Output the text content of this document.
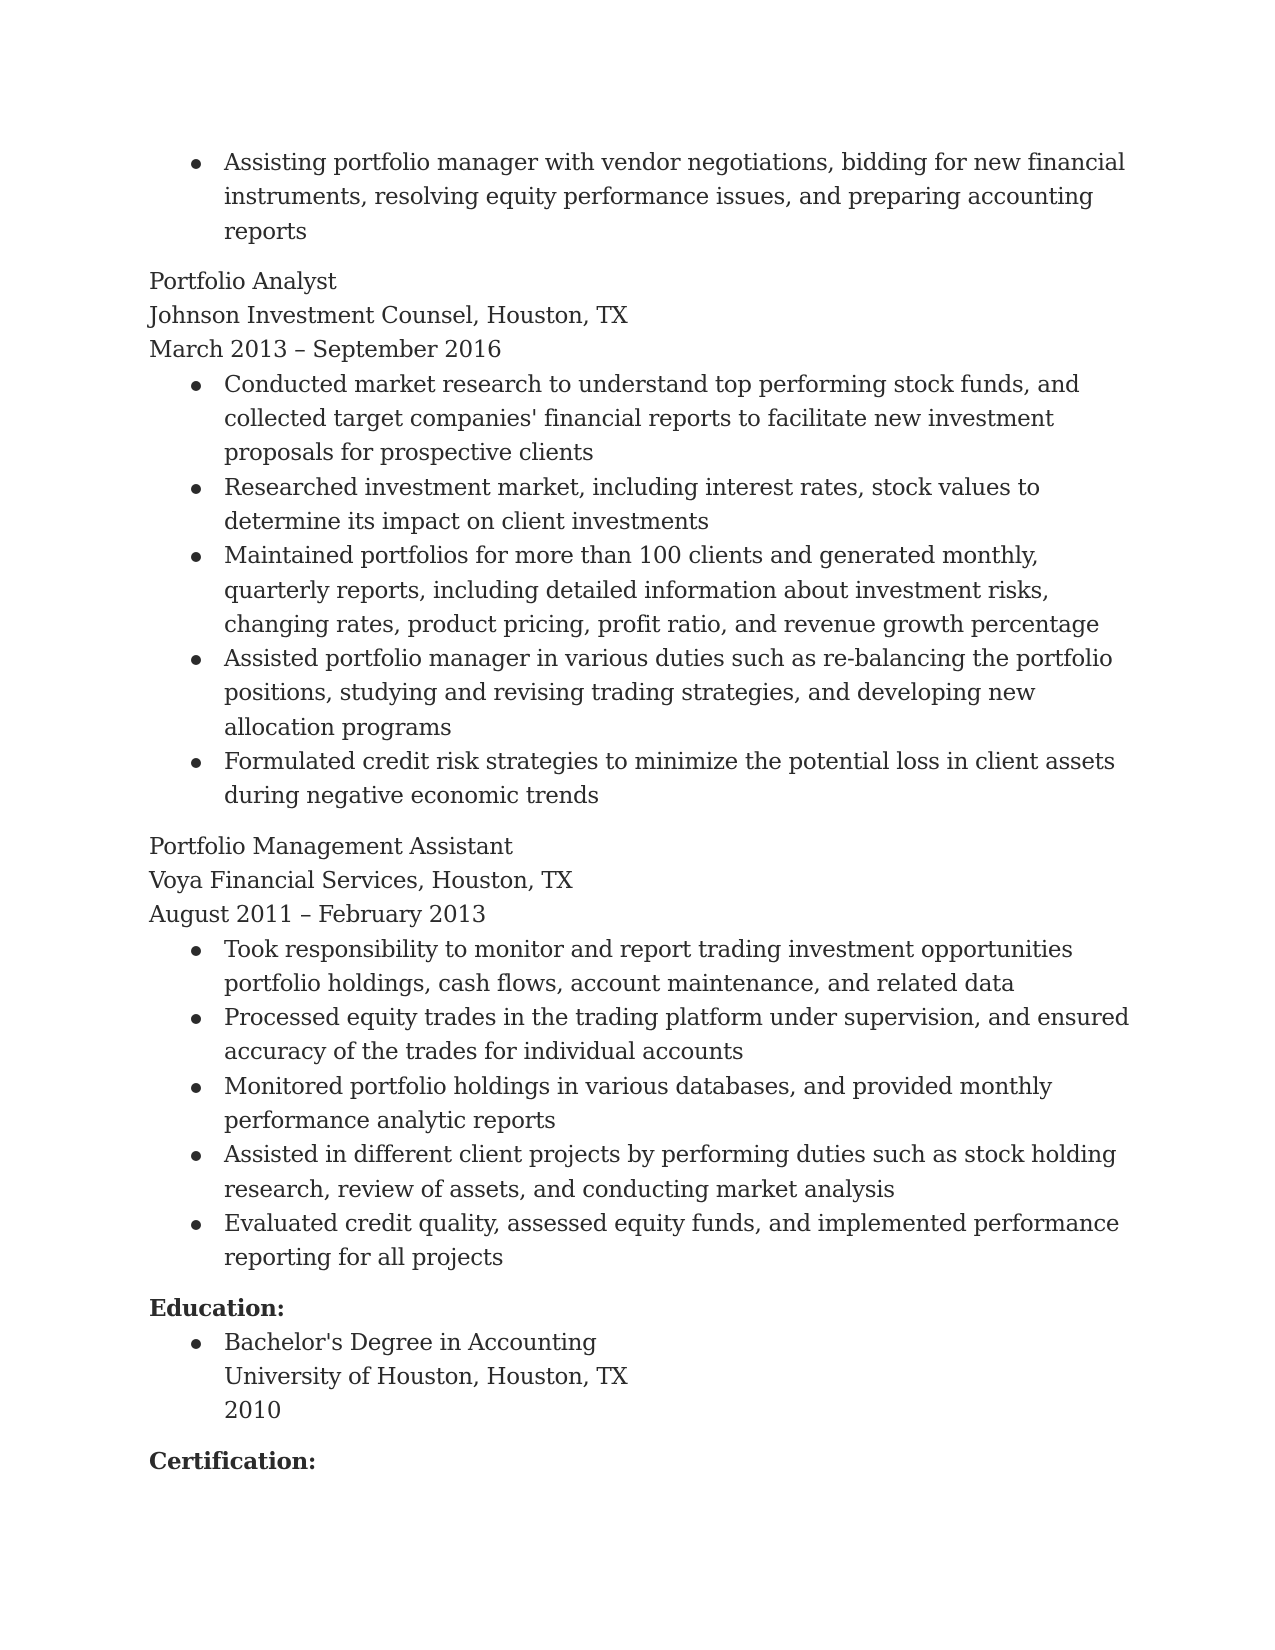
Assisting portfolio manager with vendor negotiations, bidding for new financial instruments, resolving equity performance issues, and preparing accounting reports
Portfolio Analyst
Johnson Investment Counsel, Houston, TX
March 2013 – September 2016
Conducted market research to understand top performing stock funds, and collected target companies' financial reports to facilitate new investment proposals for prospective clients
Researched investment market, including interest rates, stock values to determine its impact on client investments
Maintained portfolios for more than 100 clients and generated monthly, quarterly reports, including detailed information about investment risks, changing rates, product pricing, profit ratio, and revenue growth percentage
Assisted portfolio manager in various duties such as re-balancing the portfolio positions, studying and revising trading strategies, and developing new allocation programs
Formulated credit risk strategies to minimize the potential loss in client assets during negative economic trends
Portfolio Management Assistant
Voya Financial Services, Houston, TX
August 2011 – February 2013
Took responsibility to monitor and report trading investment opportunities portfolio holdings, cash flows, account maintenance, and related data
Processed equity trades in the trading platform under supervision, and ensured accuracy of the trades for individual accounts
Monitored portfolio holdings in various databases, and provided monthly performance analytic reports
Assisted in different client projects by performing duties such as stock holding research, review of assets, and conducting market analysis
Evaluated credit quality, assessed equity funds, and implemented performance reporting for all projects
Education:
Bachelor's Degree in Accounting
University of Houston, Houston, TX
2010
Certification:
